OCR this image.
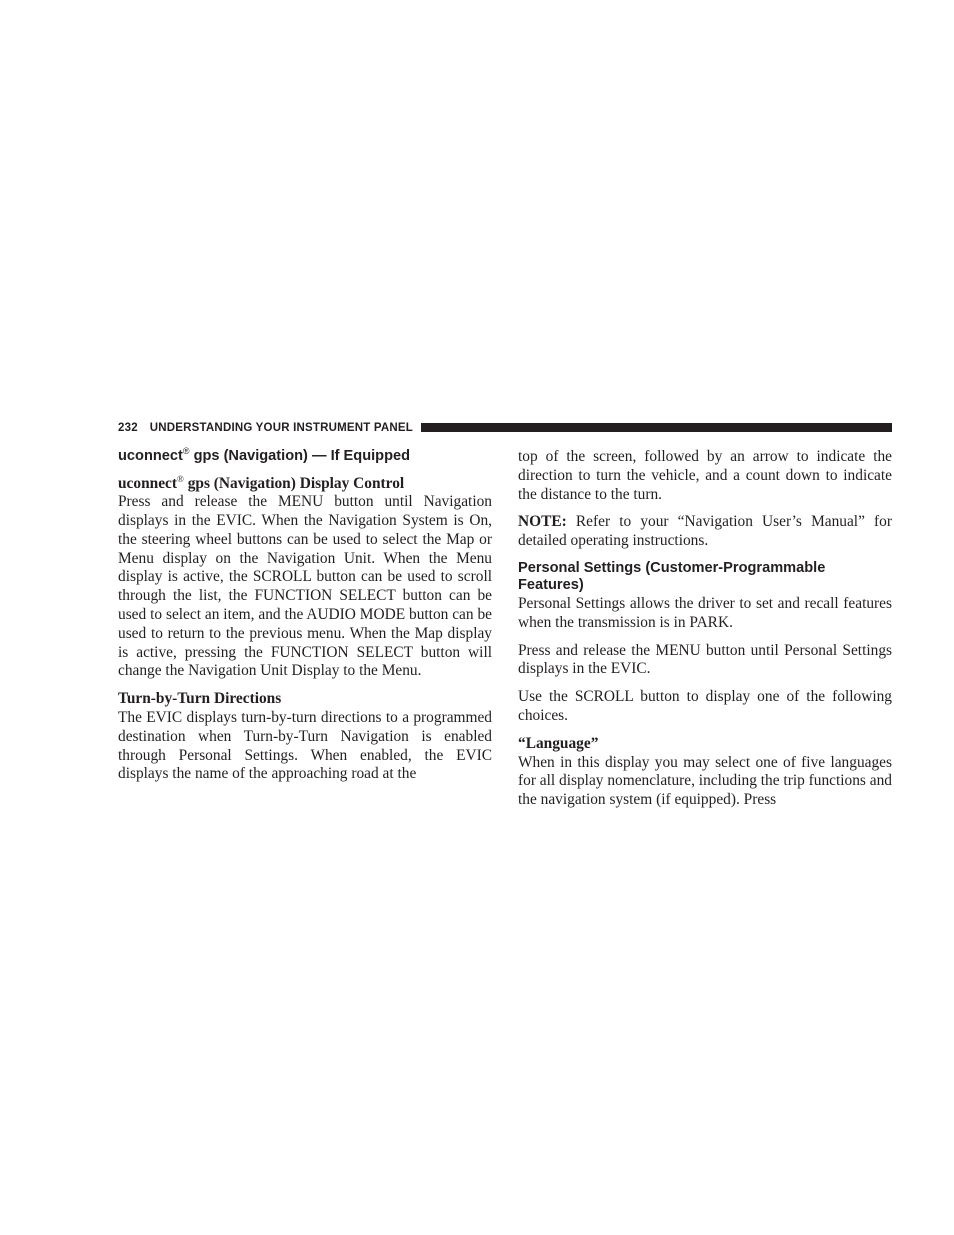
232 UNDERSTANDING YOUR INSTRUMENT PANEL
uconnect® gps (Navigation) — If Equipped
uconnect® gps (Navigation) Display Control

Press and release the MENU button until Navigation displays in the EVIC. When the Navigation System is On, the steering wheel buttons can be used to select the Map or Menu display on the Navigation Unit. When the Menu display is active, the SCROLL button can be used to scroll through the list, the FUNCTION SELECT button can be used to select an item, and the AUDIO MODE button can be used to return to the previous menu. When the Map display is active, pressing the FUNCTION SELECT button will change the Navigation Unit Display to the Menu.

Turn-by-Turn Directions

The EVIC displays turn-by-turn directions to a programmed destination when Turn-by-Turn Navigation is enabled through Personal Settings. When enabled, the EVIC displays the name of the approaching road at the

top of the screen, followed by an arrow to indicate the direction to turn the vehicle, and a count down to indicate the distance to the turn.

NOTE: Refer to your “Navigation User’s Manual” for detailed operating instructions.

Personal Settings (Customer-Programmable Features)

Personal Settings allows the driver to set and recall features when the transmission is in PARK.

Press and release the MENU button until Personal Settings displays in the EVIC.

Use the SCROLL button to display one of the following choices.

“Language”

When in this display you may select one of five languages for all display nomenclature, including the trip functions and the navigation system (if equipped). Press
